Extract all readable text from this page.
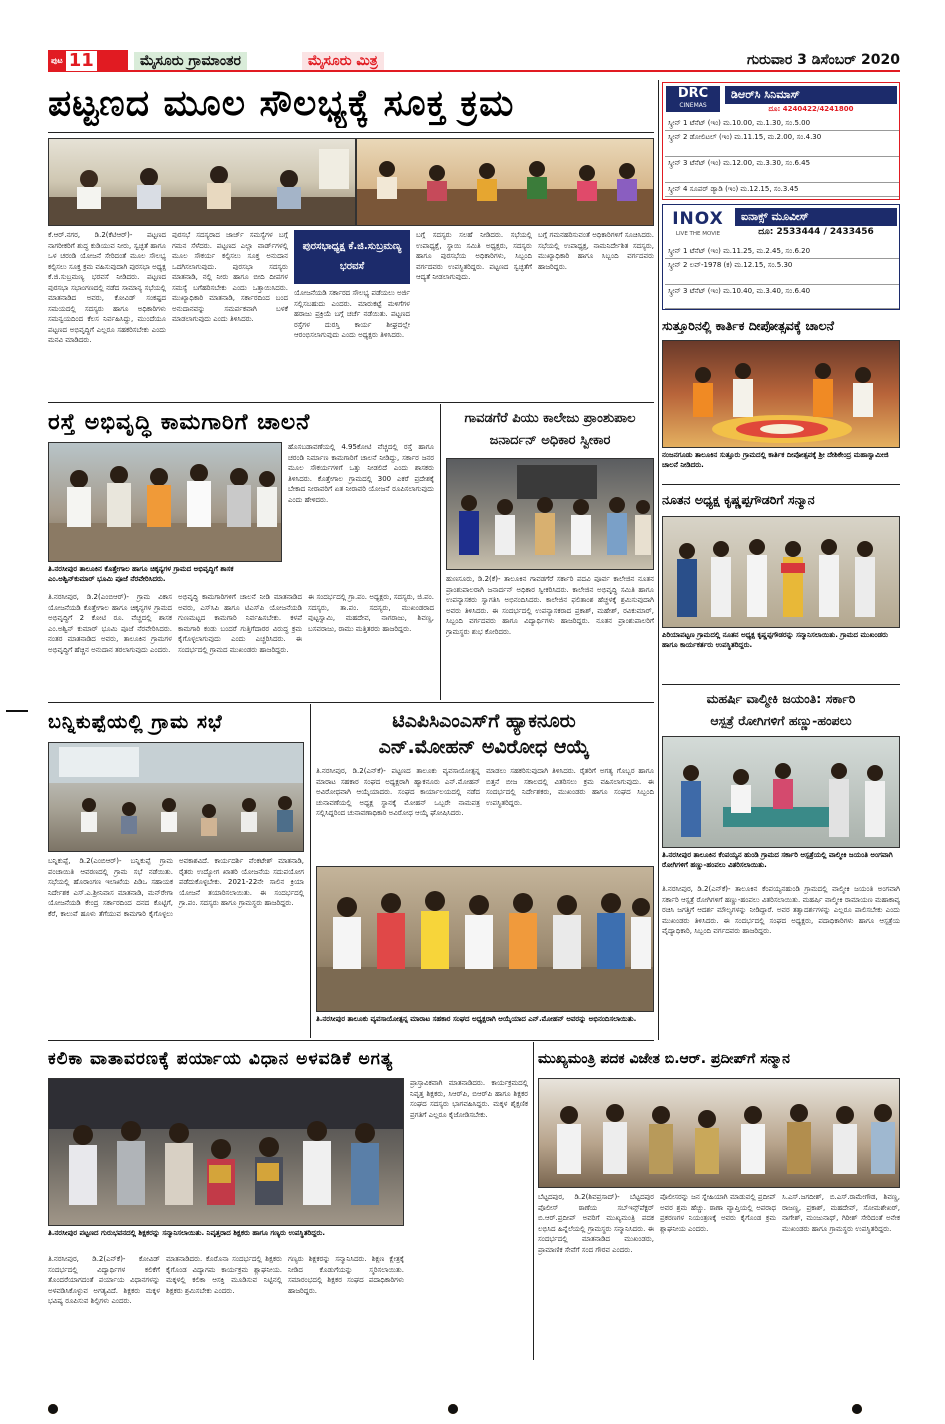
ಪುಟ 11	ಮೈಸೂರು ಗ್ರಾಮಾಂತರ	ಮೈಸೂರು ಮಿತ್ರ	ಗುರುವಾರ 3 ಡಿಸೆಂಬರ್ 2020
ಪಟ್ಟಣದ ಮೂಲ ಸೌಲಭ್ಯಕ್ಕೆ ಸೂಕ್ತ ಕ್ರಮ
ಕೆ.ಆರ್.ನಗರ, ಡಿ.2(ಕೆಟಿಆರ್)- ಪಟ್ಟಣದ ನಾಗರೀಕರಿಗೆ ಶುದ್ಧ ಕುಡಿಯುವ ನೀರು, ಸ್ವಚ್ಛತೆ ಹಾಗೂ ಒಳ ಚರಂಡಿ ಯೋಜನೆ ಸೇರಿದಂತೆ ಮೂಲ ಸೌಲಭ್ಯ ಕಲ್ಪಿಸಲು ಸೂಕ್ತ ಕ್ರಮ ವಹಿಸುವುದಾಗಿ ಪುರಸಭಾ ಅಧ್ಯಕ್ಷ ಕೆ.ಜಿ.ಸುಬ್ರಮಣ್ಯ ಭರವಸೆ ನೀಡಿದರು. ಪಟ್ಟಣದ ಪುರಸಭಾ ಸಭಾಂಗಣದಲ್ಲಿ ನಡೆದ ಸಾಮಾನ್ಯ ಸಭೆಯಲ್ಲಿ ಮಾತನಾಡಿದ ಅವರು, ಕೋವಿಡ್ ಸಂಕಷ್ಟದ ಸಮಯದಲ್ಲಿ ಸದಸ್ಯರು ಹಾಗೂ ಅಧಿಕಾರಿಗಳು ಸಮನ್ವಯದಿಂದ ಕೆಲಸ ನಿರ್ವಹಿಸಿದ್ದು, ಮುಂದೆಯೂ ಪಟ್ಟಣದ ಅಭಿವೃದ್ಧಿಗೆ ಎಲ್ಲರೂ ಸಹಕರಿಸಬೇಕು ಎಂದು ಮನವಿ ಮಾಡಿದರು.
ಪುರಸಭೆ ಸದಸ್ಯರಾದ ಜಾರ್ಜ್ ಸಮಸ್ಯೆಗಳ ಬಗ್ಗೆ ಗಮನ ಸೆಳೆದರು. ಪಟ್ಟಣದ ಎಲ್ಲಾ ವಾರ್ಡ್‌ಗಳಲ್ಲಿ ಮೂಲ ಸೌಕರ್ಯ ಕಲ್ಪಿಸಲು ಸೂಕ್ತ ಅನುದಾನ ಒದಗಿಸಲಾಗುವುದು. ಪುರಸಭಾ ಸದಸ್ಯರು ಮಾತನಾಡಿ, ನಲ್ಲಿ ನೀರು ಹಾಗೂ ಬೀದಿ ದೀಪಗಳ ಸಮಸ್ಯೆ ಬಗೆಹರಿಸಬೇಕು ಎಂದು ಒತ್ತಾಯಿಸಿದರು. ಮುಖ್ಯಾಧಿಕಾರಿ ಮಾತನಾಡಿ, ಸರ್ಕಾರದಿಂದ ಬಂದ ಅನುದಾನವನ್ನು ಸಮರ್ಪಕವಾಗಿ ಬಳಕೆ ಮಾಡಲಾಗುವುದು ಎಂದು ತಿಳಿಸಿದರು.
ಪುರಸಭಾಧ್ಯಕ್ಷ ಕೆ.ಜಿ.ಸುಬ್ರಮಣ್ಯ ಭರವಸೆ
ಯೋಜನೆಯಡಿ ಸರ್ಕಾರದ ಸೌಲಭ್ಯ ಪಡೆಯಲು ಅರ್ಜಿ ಸಲ್ಲಿಸಬಹುದು ಎಂದರು. ಮಾರುಕಟ್ಟೆ ಮಳಿಗೆಗಳ ಹರಾಜು ಪ್ರಕ್ರಿಯೆ ಬಗ್ಗೆ ಚರ್ಚೆ ನಡೆಯಿತು. ಪಟ್ಟಣದ ರಸ್ತೆಗಳ ದುರಸ್ತಿ ಕಾರ್ಯ ಶೀಘ್ರದಲ್ಲೇ ಆರಂಭಿಸಲಾಗುವುದು ಎಂದು ಅಧ್ಯಕ್ಷರು ತಿಳಿಸಿದರು.
ಬಗ್ಗೆ ಸದಸ್ಯರು ಸಲಹೆ ನೀಡಿದರು. ಸಭೆಯಲ್ಲಿ ಉಪಾಧ್ಯಕ್ಷೆ, ಸ್ಥಾಯಿ ಸಮಿತಿ ಅಧ್ಯಕ್ಷರು, ಸದಸ್ಯರು ಹಾಗೂ ಪುರಸಭೆಯ ಅಧಿಕಾರಿಗಳು, ಸಿಬ್ಬಂದಿ ವರ್ಗದವರು ಉಪಸ್ಥಿತರಿದ್ದರು. ಪಟ್ಟಣದ ಸ್ವಚ್ಛತೆಗೆ ಆದ್ಯತೆ ನೀಡಲಾಗುವುದು.
ಬಗ್ಗೆ ಗಮನಹರಿಸುವಂತೆ ಅಧಿಕಾರಿಗಳಿಗೆ ಸೂಚಿಸಿದರು. ಸಭೆಯಲ್ಲಿ ಉಪಾಧ್ಯಕ್ಷ, ನಾಮನಿರ್ದೇಶಿತ ಸದಸ್ಯರು, ಮುಖ್ಯಾಧಿಕಾರಿ ಹಾಗೂ ಸಿಬ್ಬಂದಿ ವರ್ಗದವರು ಹಾಜರಿದ್ದರು.
ರಸ್ತೆ ಅಭಿವೃದ್ಧಿ ಕಾಮಗಾರಿಗೆ ಚಾಲನೆ
ತಿ.ನರಸೀಪುರ ತಾಲೂಕಿನ ಕೊತ್ತೇಗಾಲ ಹಾಗೂ ಚಿಕ್ಕನ್ಯಗಳ ಗ್ರಾಮದ ಅಭಿವೃದ್ಧಿಗೆ ಶಾಸಕ ಎಂ.ಅಶ್ವಿನ್‌ಕುಮಾರ್ ಭೂಮಿ ಪೂಜೆ ನೆರವೇರಿಸಿದರು.
ಹೊಸಬಡಾವಣೆಯಲ್ಲಿ 4.95ಕೋಟಿ ವೆಚ್ಚದಲ್ಲಿ ರಸ್ತೆ ಹಾಗೂ ಚರಂಡಿ ನಿರ್ಮಾಣ ಕಾಮಗಾರಿಗೆ ಚಾಲನೆ ನೀಡಿದ್ದು, ಸರ್ಕಾರ ಜನರ ಮೂಲ ಸೌಕರ್ಯಗಳಿಗೆ ಒತ್ತು ನೀಡಲಿದೆ ಎಂದು ಶಾಸಕರು ತಿಳಿಸಿದರು. ಕೊತ್ತೇಗಾಲ ಗ್ರಾಮದಲ್ಲಿ 300 ಎಕರೆ ಪ್ರದೇಶಕ್ಕೆ ಬೇಕಾದ ನೀರಾವರಿಗೆ ಏತ ನೀರಾವರಿ ಯೋಜನೆ ರೂಪಿಸಲಾಗುವುದು ಎಂದು ಹೇಳಿದರು.
ತಿ.ನರಸೀಪುರ, ಡಿ.2(ಎಂಬಿಆರ್)- ಗ್ರಾಮ ವಿಕಾಸ ಯೋಜನೆಯಡಿ ಕೊತ್ತೇಗಾಲ ಹಾಗೂ ಚಿಕ್ಕನ್ಯಗಳ ಗ್ರಾಮದ ಅಭಿವೃದ್ಧಿಗೆ 2 ಕೋಟಿ ರೂ. ವೆಚ್ಚದಲ್ಲಿ ಶಾಸಕ ಎಂ.ಅಶ್ವಿನ್ ಕುಮಾರ್ ಭೂಮಿ ಪೂಜೆ ನೆರವೇರಿಸಿದರು. ನಂತರ ಮಾತನಾಡಿದ ಅವರು, ತಾಲೂಕಿನ ಗ್ರಾಮಗಳ ಅಭಿವೃದ್ಧಿಗೆ ಹೆಚ್ಚಿನ ಅನುದಾನ ತರಲಾಗುವುದು ಎಂದರು.
ಅಭಿವೃದ್ಧಿ ಕಾಮಗಾರಿಗಳಿಗೆ ಚಾಲನೆ ನೀಡಿ ಮಾತನಾಡಿದ ಅವರು, ಎಸ್‌ಸಿಪಿ ಹಾಗೂ ಟಿಎಸ್‌ಪಿ ಯೋಜನೆಯಡಿ ಗುಣಮಟ್ಟದ ಕಾಮಗಾರಿ ನಿರ್ವಹಿಸಬೇಕು. ಕಳಪೆ ಕಾಮಗಾರಿ ಕಂಡು ಬಂದರೆ ಗುತ್ತಿಗೆದಾರರ ವಿರುದ್ಧ ಕ್ರಮ ಕೈಗೊಳ್ಳಲಾಗುವುದು ಎಂದು ಎಚ್ಚರಿಸಿದರು. ಈ ಸಂದರ್ಭದಲ್ಲಿ ಗ್ರಾಮದ ಮುಖಂಡರು ಹಾಜರಿದ್ದರು.
ಈ ಸಂದರ್ಭದಲ್ಲಿ ಗ್ರಾ.ಪಂ. ಅಧ್ಯಕ್ಷರು, ಸದಸ್ಯರು, ಜಿ.ಪಂ. ಸದಸ್ಯರು, ತಾ.ಪಂ. ಸದಸ್ಯರು, ಮುಖಂಡರಾದ ಪುಟ್ಟಸ್ವಾಮಿ, ಮಹದೇವ, ನಾಗರಾಜು, ಶಿವಣ್ಣ, ಬಸವರಾಜು, ರಾಮು ಮತ್ತಿತರರು ಹಾಜರಿದ್ದರು.
ಗಾವಡಗೆರೆ ಪಿಯು ಕಾಲೇಜು ಪ್ರಾಂಶುಪಾಲ
ಜನಾರ್ದನ್ ಅಧಿಕಾರ ಸ್ವೀಕಾರ
ಹುಣಸೂರು, ಡಿ.2(ಕೆ)- ತಾಲೂಕಿನ ಗಾವಡಗೆರೆ ಸರ್ಕಾರಿ ಪದವಿ ಪೂರ್ವ ಕಾಲೇಜಿನ ನೂತನ ಪ್ರಾಂಶುಪಾಲರಾಗಿ ಜನಾರ್ದನ್ ಅಧಿಕಾರ ಸ್ವೀಕರಿಸಿದರು. ಕಾಲೇಜಿನ ಅಭಿವೃದ್ಧಿ ಸಮಿತಿ ಹಾಗೂ ಉಪನ್ಯಾಸಕರು ಸ್ವಾಗತಿಸಿ ಅಭಿನಂದಿಸಿದರು. ಕಾಲೇಜಿನ ಫಲಿತಾಂಶ ಹೆಚ್ಚಳಕ್ಕೆ ಶ್ರಮಿಸುವುದಾಗಿ ಅವರು ತಿಳಿಸಿದರು. ಈ ಸಂದರ್ಭದಲ್ಲಿ ಉಪನ್ಯಾಸಕರಾದ ಪ್ರಕಾಶ್, ಮಹೇಶ್, ರವಿಕುಮಾರ್, ಸಿಬ್ಬಂದಿ ವರ್ಗದವರು ಹಾಗೂ ವಿದ್ಯಾರ್ಥಿಗಳು ಹಾಜರಿದ್ದರು. ನೂತನ ಪ್ರಾಂಶುಪಾಲರಿಗೆ ಗ್ರಾಮಸ್ಥರು ಶುಭ ಕೋರಿದರು.
ಬನ್ನಿಕುಪ್ಪೆಯಲ್ಲಿ ಗ್ರಾಮ ಸಭೆ
ಬನ್ನಿಕುಪ್ಪೆ, ಡಿ.2(ಎಂಬಿಆರ್)- ಬನ್ನಿಕುಪ್ಪೆ ಗ್ರಾಮ ಪಂಚಾಯಿತಿ ಆವರಣದಲ್ಲಿ ಗ್ರಾಮ ಸಭೆ ನಡೆಯಿತು. ಸಭೆಯಲ್ಲಿ ಹೊರಾಂಗಣ ಇಲಾಖೆಯ ಪಿಡಿಒ ಸಹಾಯಕ ನಿರ್ದೇಶಕ ಎಸ್.ಎ.ಶ್ರೀನಿವಾಸ ಮಾತನಾಡಿ, ಮನ್‌ರೇಗಾ ಯೋಜನೆಯಡಿ ಕೇಂದ್ರ ಸರ್ಕಾರದಿಂದ ದನದ ಕೊಟ್ಟಿಗೆ, ಕೆರೆ, ಕಾಲುವೆ ಹೂಳು ತೆಗೆಯುವ ಕಾಮಗಾರಿ ಕೈಗೊಳ್ಳಲು ಅವಕಾಶವಿದೆ. ಕಾರ್ಯದರ್ಶಿ ವೆಂಕಟೇಶ್ ಮಾತನಾಡಿ, ರೈತರು ಉದ್ಯೋಗ ಖಾತರಿ ಯೋಜನೆಯ ಸದುಪಯೋಗ ಪಡೆದುಕೊಳ್ಳಬೇಕು. 2021-22ನೇ ಸಾಲಿನ ಕ್ರಿಯಾ ಯೋಜನೆ ತಯಾರಿಸಲಾಯಿತು. ಈ ಸಂದರ್ಭದಲ್ಲಿ ಗ್ರಾ.ಪಂ. ಸದಸ್ಯರು ಹಾಗೂ ಗ್ರಾಮಸ್ಥರು ಹಾಜರಿದ್ದರು.
ಟಿಎಪಿಸಿಎಂಎಸ್‌ಗೆ ಹ್ಯಾಕನೂರು
ಎನ್.ಮೋಹನ್ ಅವಿರೋಧ ಆಯ್ಕೆ
ತಿ.ನರಸೀಪುರ, ಡಿ.2(ಎನ್‌ಕೆ)- ಪಟ್ಟಣದ ತಾಲೂಕು ವ್ಯವಸಾಯೋತ್ಪನ್ನ ಮಾರಾಟ ಸಹಕಾರ ಸಂಘದ ಅಧ್ಯಕ್ಷರಾಗಿ ಹ್ಯಾಕನೂರು ಎನ್.ಮೋಹನ್ ಅವಿರೋಧವಾಗಿ ಆಯ್ಕೆಯಾದರು. ಸಂಘದ ಕಾರ್ಯಾಲಯದಲ್ಲಿ ನಡೆದ ಚುನಾವಣೆಯಲ್ಲಿ ಅಧ್ಯಕ್ಷ ಸ್ಥಾನಕ್ಕೆ ಮೋಹನ್ ಒಬ್ಬರೇ ನಾಮಪತ್ರ ಸಲ್ಲಿಸಿದ್ದರಿಂದ ಚುನಾವಣಾಧಿಕಾರಿ ಅವಿರೋಧ ಆಯ್ಕೆ ಘೋಷಿಸಿದರು.
ಮಾಡಲು ಸಹಕರಿಸುವುದಾಗಿ ತಿಳಿಸಿದರು. ರೈತರಿಗೆ ಅಗತ್ಯ ಗೊಬ್ಬರ ಹಾಗೂ ಬಿತ್ತನೆ ಬೀಜ ಸಕಾಲದಲ್ಲಿ ವಿತರಿಸಲು ಕ್ರಮ ವಹಿಸಲಾಗುವುದು. ಈ ಸಂದರ್ಭದಲ್ಲಿ ನಿರ್ದೇಶಕರು, ಮುಖಂಡರು ಹಾಗೂ ಸಂಘದ ಸಿಬ್ಬಂದಿ ಉಪಸ್ಥಿತರಿದ್ದರು.
ತಿ.ನರಸೀಪುರ ತಾಲೂಕು ವ್ಯವಸಾಯೋತ್ಪನ್ನ ಮಾರಾಟ ಸಹಕಾರ ಸಂಘದ ಅಧ್ಯಕ್ಷರಾಗಿ ಆಯ್ಕೆಯಾದ ಎನ್.ಮೋಹನ್ ಅವರನ್ನು ಅಭಿನಂದಿಸಲಾಯಿತು.
ಕಲಿಕಾ ವಾತಾವರಣಕ್ಕೆ ಪರ್ಯಾಯ ವಿಧಾನ ಅಳವಡಿಕೆ ಅಗತ್ಯ
ತಿ.ನರಸೀಪುರ ಪಟ್ಟಣದ ಗುರುಭವನದಲ್ಲಿ ಶಿಕ್ಷಕರನ್ನು ಸನ್ಮಾನಿಸಲಾಯಿತು. ನಿವೃತ್ತರಾದ ಶಿಕ್ಷಕರು ಹಾಗೂ ಗಣ್ಯರು ಉಪಸ್ಥಿತರಿದ್ದರು.
ಪ್ರಾಸ್ತಾವಿಕವಾಗಿ ಮಾತನಾಡಿದರು. ಕಾರ್ಯಕ್ರಮದಲ್ಲಿ ನಿವೃತ್ತ ಶಿಕ್ಷಕರು, ಸಿಆರ್‌ಪಿ, ಬಿಆರ್‌ಪಿ ಹಾಗೂ ಶಿಕ್ಷಕರ ಸಂಘದ ಸದಸ್ಯರು ಭಾಗವಹಿಸಿದ್ದರು. ಮಕ್ಕಳ ಶೈಕ್ಷಣಿಕ ಪ್ರಗತಿಗೆ ಎಲ್ಲರೂ ಕೈಜೋಡಿಸಬೇಕು.
ತಿ.ನರಸೀಪುರ, ಡಿ.2(ಎನ್‌ಕೆ)- ಕೋವಿಡ್ ಸಂದರ್ಭದಲ್ಲಿ ವಿದ್ಯಾರ್ಥಿಗಳ ಕಲಿಕೆಗೆ ತೊಂದರೆಯಾಗದಂತೆ ಪರ್ಯಾಯ ವಿಧಾನಗಳನ್ನು ಅಳವಡಿಸಿಕೊಳ್ಳುವ ಅಗತ್ಯವಿದೆ. ಶಿಕ್ಷಕರು ಮಕ್ಕಳ ಭವಿಷ್ಯ ರೂಪಿಸುವ ಶಿಲ್ಪಿಗಳು ಎಂದರು.
ಮಾತನಾಡಿದರು. ಕೊರೊನಾ ಸಂದರ್ಭದಲ್ಲಿ ಶಿಕ್ಷಕರು ಕೈಗೊಂಡ ವಿದ್ಯಾಗಮ ಕಾರ್ಯಕ್ರಮ ಶ್ಲಾಘನೀಯ. ಮಕ್ಕಳಲ್ಲಿ ಕಲಿಕಾ ಆಸಕ್ತಿ ಮೂಡಿಸುವ ನಿಟ್ಟಿನಲ್ಲಿ ಶಿಕ್ಷಕರು ಶ್ರಮಿಸಬೇಕು ಎಂದರು.
ಗಣ್ಯರು ಶಿಕ್ಷಕರನ್ನು ಸನ್ಮಾನಿಸಿದರು. ಶಿಕ್ಷಣ ಕ್ಷೇತ್ರಕ್ಕೆ ನೀಡಿದ ಕೊಡುಗೆಯನ್ನು ಸ್ಮರಿಸಲಾಯಿತು. ಸಮಾರಂಭದಲ್ಲಿ ಶಿಕ್ಷಕರ ಸಂಘದ ಪದಾಧಿಕಾರಿಗಳು ಹಾಜರಿದ್ದರು.
ಮುಖ್ಯಮಂತ್ರಿ ಪದಕ ವಿಜೇತ ಬಿ.ಆರ್. ಪ್ರದೀಪ್‌ಗೆ ಸನ್ಮಾನ
ಬೆಟ್ಟದಪುರ, ಡಿ.2(ಶಿವಪ್ರಸಾದ್)- ಬೆಟ್ಟದಪುರ ಪೊಲೀಸ್ ಠಾಣೆಯ ಸಬ್‌ಇನ್ಸ್‌ಪೆಕ್ಟರ್ ಬಿ.ಆರ್.ಪ್ರದೀಪ್ ಅವರಿಗೆ ಮುಖ್ಯಮಂತ್ರಿ ಪದಕ ಲಭಿಸಿದ ಹಿನ್ನೆಲೆಯಲ್ಲಿ ಗ್ರಾಮಸ್ಥರು ಸನ್ಮಾನಿಸಿದರು. ಈ ಸಂದರ್ಭದಲ್ಲಿ ಮಾತನಾಡಿದ ಮುಖಂಡರು, ಪ್ರಾಮಾಣಿಕ ಸೇವೆಗೆ ಸಂದ ಗೌರವ ಎಂದರು.
ಪೊಲೀಸರನ್ನು ಜನ ಸ್ನೇಹಿಯಾಗಿ ಮಾಡುವಲ್ಲಿ ಪ್ರದೀಪ್ ಅವರ ಶ್ರಮ ಹೆಚ್ಚು. ಠಾಣಾ ವ್ಯಾಪ್ತಿಯಲ್ಲಿ ಅಪರಾಧ ಪ್ರಕರಣಗಳ ನಿಯಂತ್ರಣಕ್ಕೆ ಅವರು ಕೈಗೊಂಡ ಕ್ರಮ ಶ್ಲಾಘನೀಯ ಎಂದರು.
ಸಿ.ಎಸ್.ಜಗದೀಶ್, ಬಿ.ಎಸ್.ರಾಮೇಗೌಡ, ಶಿವಣ್ಣ, ರಾಜಣ್ಣ, ಪ್ರಕಾಶ್, ಮಹದೇವ್, ಸೋಮಶೇಖರ್, ನಾಗೇಶ್, ಮಂಜುನಾಥ್, ಗಿರೀಶ್ ಸೇರಿದಂತೆ ಅನೇಕ ಮುಖಂಡರು ಹಾಗೂ ಗ್ರಾಮಸ್ಥರು ಉಪಸ್ಥಿತರಿದ್ದರು.
DRC
CINEMAS
ಡಿಆರ್‌ಸಿ ಸಿನಿಮಾಸ್
ದೂ: 4240422/4241800
ಸ್ಕ್ರೀನ್ 1 ಟೆನೆಟ್ (ಇಂ) ಮ.10.00, ಮ.1.30, ಸಂ.5.00
ಸ್ಕ್ರೀನ್ 2 ಡೋಲಿಟಲ್ (ಇಂ) ಮ.11.15, ಮ.2.00, ಸಂ.4.30
ಸ್ಕ್ರೀನ್ 3 ಟೆನೆಟ್ (ಇಂ) ಮ.12.00, ಮ.3.30, ಸಂ.6.45
ಸ್ಕ್ರೀನ್ 4 ಸೂಪರ್ ಡ್ಯಾಡಿ (ಇಂ) ಮ.12.15, ಸಂ.3.45
INOX
LIVE THE MOVIE
ಐನಾಕ್ಸ್ ಮೂವೀಸ್
ದೂ: 2533444 / 2433456
ಸ್ಕ್ರೀನ್ 1 ಟೆನೆಟ್ (ಇಂ) ಮ.11.25, ಮ.2.45, ಸಂ.6.20
ಸ್ಕ್ರೀನ್ 2 ಲವ್-1978 (ಕ) ಮ.12.15, ಸಂ.5.30
ಸ್ಕ್ರೀನ್ 3 ಟೆನೆಟ್ (ಇಂ) ಮ.10.40, ಮ.3.40, ಸಂ.6.40
ಸುತ್ತೂರಿನಲ್ಲಿ ಕಾರ್ತಿಕ ದೀಪೋತ್ಸವಕ್ಕೆ ಚಾಲನೆ
ನಂಜನಗೂಡು ತಾಲೂಕಿನ ಸುತ್ತೂರು ಗ್ರಾಮದಲ್ಲಿ ಕಾರ್ತಿಕ ದೀಪೋತ್ಸವಕ್ಕೆ ಶ್ರೀ ದೇಶಿಕೇಂದ್ರ ಮಹಾಸ್ವಾಮೀಜಿ ಚಾಲನೆ ನೀಡಿದರು.
ನೂತನ ಅಧ್ಯಕ್ಷ ಕೃಷ್ಣಪ್ಪಗೌಡರಿಗೆ ಸನ್ಮಾನ
ಪಿರಿಯಾಪಟ್ಟಣ ಗ್ರಾಮದಲ್ಲಿ ನೂತನ ಅಧ್ಯಕ್ಷ ಕೃಷ್ಣಪ್ಪಗೌಡರನ್ನು ಸನ್ಮಾನಿಸಲಾಯಿತು. ಗ್ರಾಮದ ಮುಖಂಡರು ಹಾಗೂ ಕಾರ್ಯಕರ್ತರು ಉಪಸ್ಥಿತರಿದ್ದರು.
ಮಹರ್ಷಿ ವಾಲ್ಮೀಕಿ ಜಯಂತಿ: ಸರ್ಕಾರಿ
ಆಸ್ಪತ್ರೆ ರೋಗಿಗಳಿಗೆ ಹಣ್ಣು-ಹಂಪಲು
ತಿ.ನರಸೀಪುರ ತಾಲೂಕಿನ ಕೆಂಪಯ್ಯನ ಹುಂಡಿ ಗ್ರಾಮದ ಸರ್ಕಾರಿ ಆಸ್ಪತ್ರೆಯಲ್ಲಿ ವಾಲ್ಮೀಕಿ ಜಯಂತಿ ಅಂಗವಾಗಿ ರೋಗಿಗಳಿಗೆ ಹಣ್ಣು-ಹಂಪಲು ವಿತರಿಸಲಾಯಿತು.
ತಿ.ನರಸೀಪುರ, ಡಿ.2(ಎನ್‌ಕೆ)- ತಾಲೂಕಿನ ಕೆಂಪಯ್ಯನಹುಂಡಿ ಗ್ರಾಮದಲ್ಲಿ ವಾಲ್ಮೀಕಿ ಜಯಂತಿ ಅಂಗವಾಗಿ ಸರ್ಕಾರಿ ಆಸ್ಪತ್ರೆ ರೋಗಿಗಳಿಗೆ ಹಣ್ಣು-ಹಂಪಲು ವಿತರಿಸಲಾಯಿತು. ಮಹರ್ಷಿ ವಾಲ್ಮೀಕಿ ರಾಮಾಯಣ ಮಹಾಕಾವ್ಯ ರಚಿಸಿ ಜಗತ್ತಿಗೆ ಆದರ್ಶ ಮೌಲ್ಯಗಳನ್ನು ನೀಡಿದ್ದಾರೆ. ಅವರ ತತ್ವಾದರ್ಶಗಳನ್ನು ಎಲ್ಲರೂ ಪಾಲಿಸಬೇಕು ಎಂದು ಮುಖಂಡರು ತಿಳಿಸಿದರು. ಈ ಸಂದರ್ಭದಲ್ಲಿ ಸಂಘದ ಅಧ್ಯಕ್ಷರು, ಪದಾಧಿಕಾರಿಗಳು ಹಾಗೂ ಆಸ್ಪತ್ರೆಯ ವೈದ್ಯಾಧಿಕಾರಿ, ಸಿಬ್ಬಂದಿ ವರ್ಗದವರು ಹಾಜರಿದ್ದರು.
